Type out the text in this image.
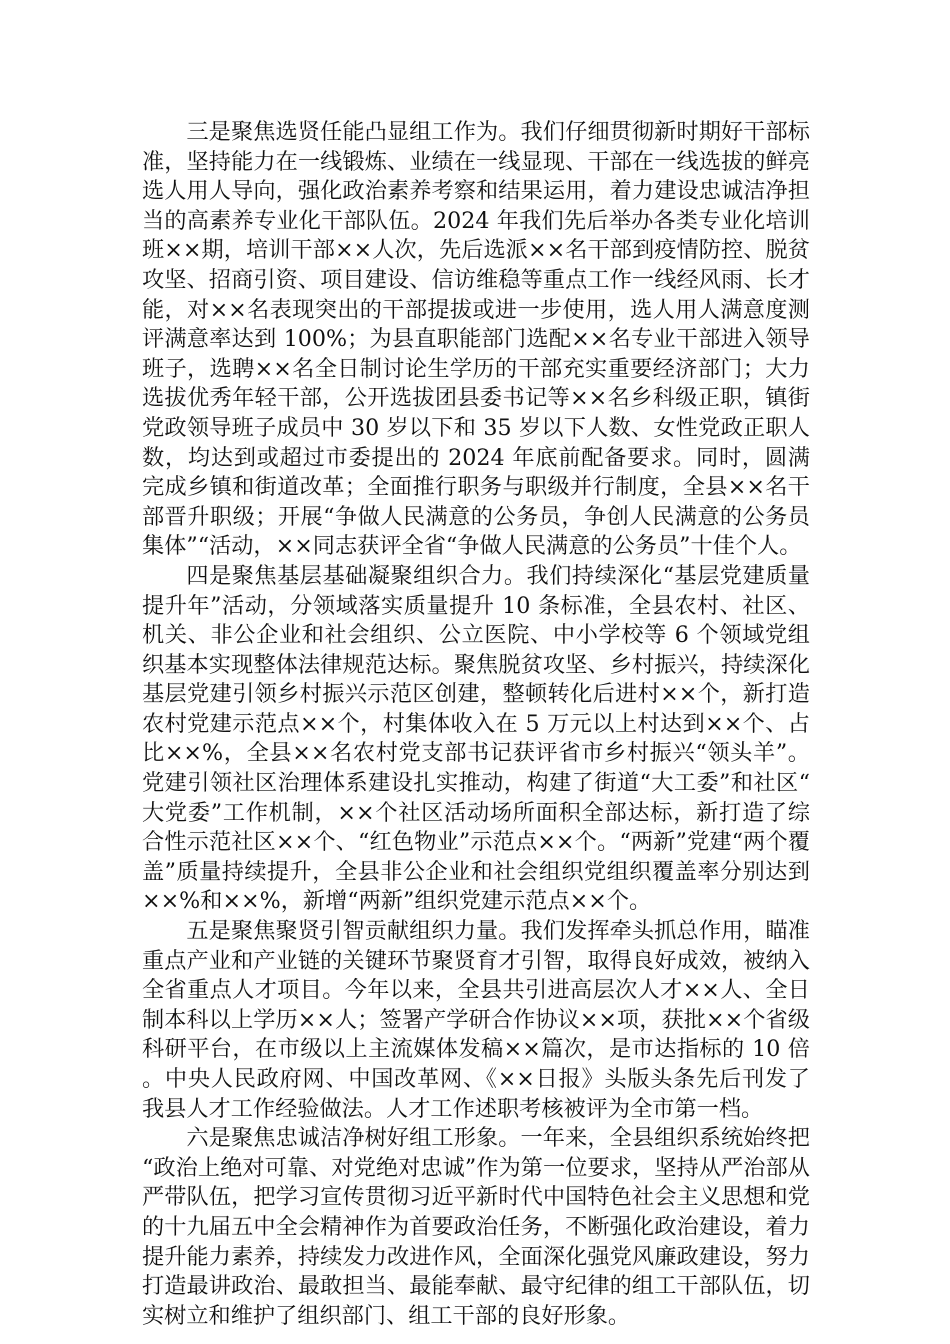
三是聚焦选贤任能凸显组工作为。我们仔细贯彻新时期好干部标准，坚持能力在一线锻炼、业绩在一线显现、干部在一线选拔的鲜亮选人用人导向，强化政治素养考察和结果运用，着力建设忠诚洁净担当的高素养专业化干部队伍。2024 年我们先后举办各类专业化培训班××期，培训干部××人次，先后选派××名干部到疫情防控、脱贫攻坚、招商引资、项目建设、信访维稳等重点工作一线经风雨、长才能，对××名表现突出的干部提拔或进一步使用，选人用人满意度测评满意率达到 100%；为县直职能部门选配××名专业干部进入领导班子，选聘××名全日制讨论生学历的干部充实重要经济部门；大力选拔优秀年轻干部，公开选拔团县委书记等××名乡科级正职，镇街党政领导班子成员中 30 岁以下和 35 岁以下人数、女性党政正职人数，均达到或超过市委提出的 2024 年底前配备要求。同时，圆满完成乡镇和街道改革；全面推行职务与职级并行制度，全县××名干部晋升职级；开展“争做人民满意的公务员，争创人民满意的公务员集体”“活动，××同志获评全省“争做人民满意的公务员”十佳个人。

四是聚焦基层基础凝聚组织合力。我们持续深化“基层党建质量提升年”活动，分领域落实质量提升 10 条标准，全县农村、社区、机关、非公企业和社会组织、公立医院、中小学校等 6 个领域党组织基本实现整体法律规范达标。聚焦脱贫攻坚、乡村振兴，持续深化基层党建引领乡村振兴示范区创建，整顿转化后进村××个，新打造农村党建示范点××个，村集体收入在 5 万元以上村达到××个、占比××%，全县××名农村党支部书记获评省市乡村振兴“领头羊”。党建引领社区治理体系建设扎实推动，构建了街道“大工委”和社区“大党委”工作机制，××个社区活动场所面积全部达标，新打造了综合性示范社区××个、“红色物业”示范点××个。“两新”党建“两个覆盖”质量持续提升，全县非公企业和社会组织党组织覆盖率分别达到××%和××%，新增“两新”组织党建示范点××个。

五是聚焦聚贤引智贡献组织力量。我们发挥牵头抓总作用，瞄准重点产业和产业链的关键环节聚贤育才引智，取得良好成效，被纳入全省重点人才项目。今年以来，全县共引进高层次人才××人、全日制本科以上学历××人；签署产学研合作协议××项，获批××个省级科研平台，在市级以上主流媒体发稿××篇次，是市达指标的 10 倍。中央人民政府网、中国改革网、《××日报》头版头条先后刊发了我县人才工作经验做法。人才工作述职考核被评为全市第一档。

六是聚焦忠诚洁净树好组工形象。一年来，全县组织系统始终把“政治上绝对可靠、对党绝对忠诚”作为第一位要求，坚持从严治部从严带队伍，把学习宣传贯彻习近平新时代中国特色社会主义思想和党的十九届五中全会精神作为首要政治任务，不断强化政治建设，着力提升能力素养，持续发力改进作风，全面深化强党风廉政建设，努力打造最讲政治、最敢担当、最能奉献、最守纪律的组工干部队伍，切实树立和维护了组织部门、组工干部的良好形象。
